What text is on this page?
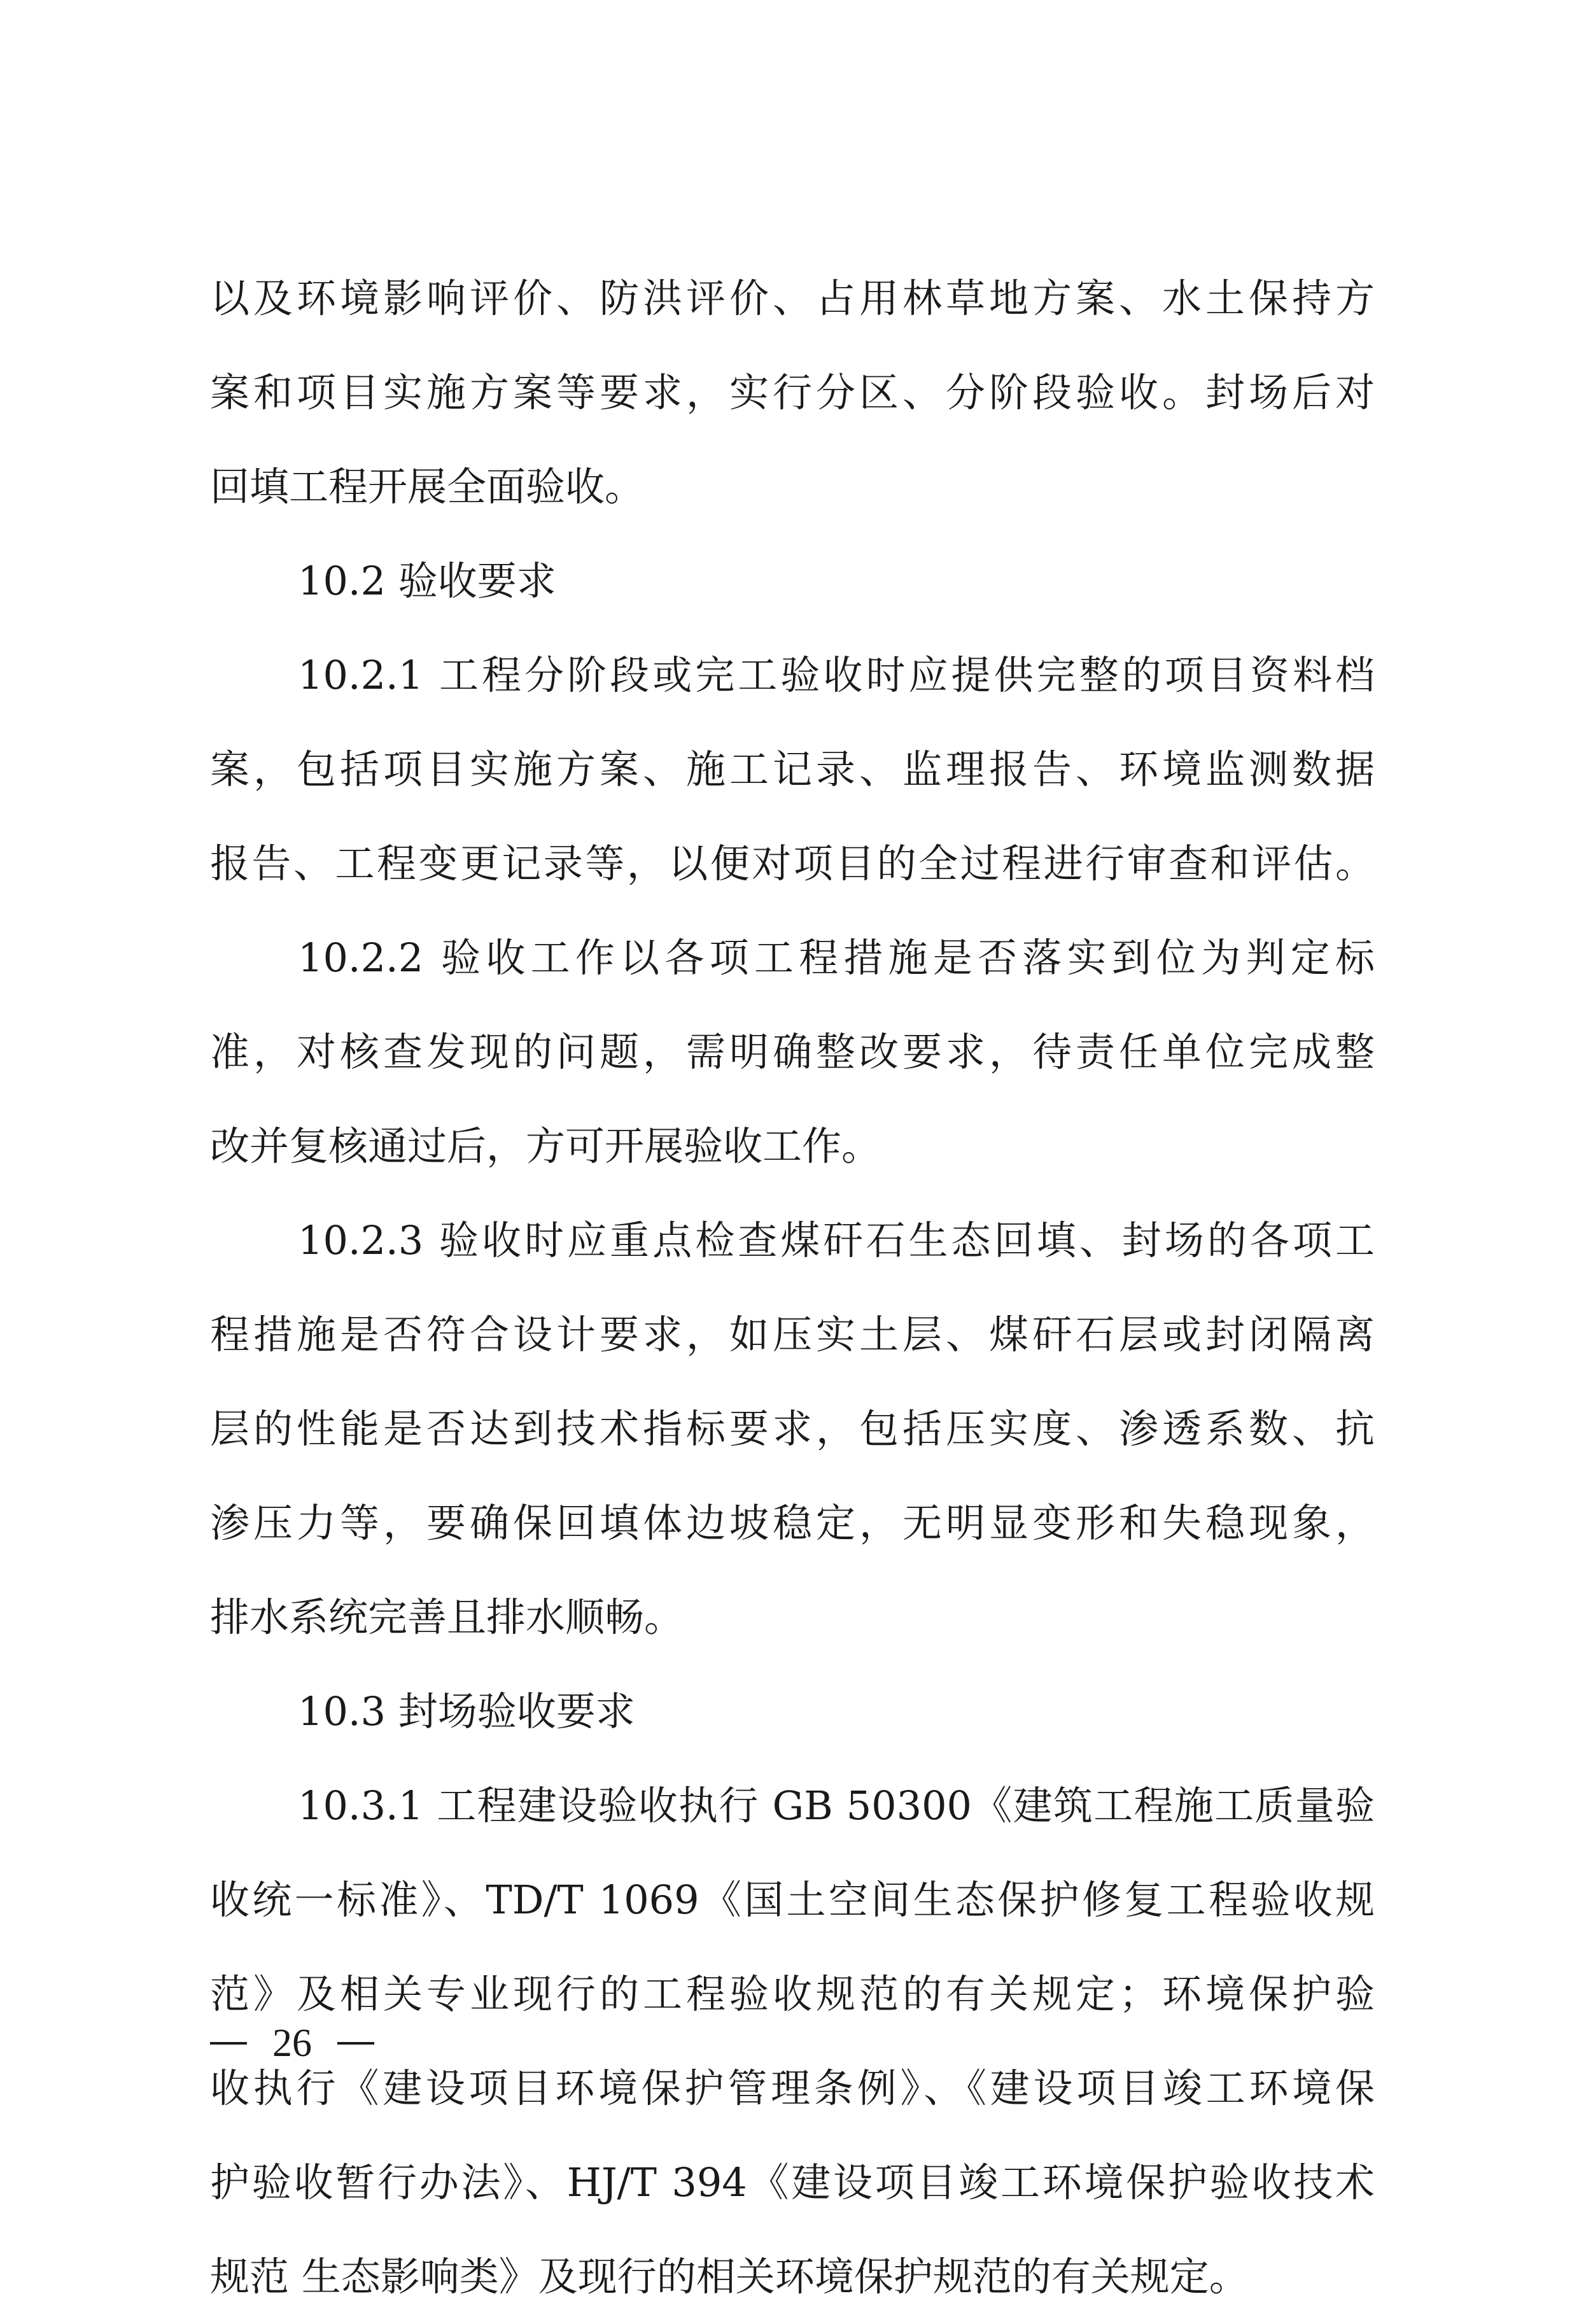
以及环境影响评价、防洪评价、占用林草地方案、水土保持方
案和项目实施方案等要求，实行分区、分阶段验收。封场后对
回填工程开展全面验收。
10.2 验收要求
10.2.1 工程分阶段或完工验收时应提供完整的项目资料档
案，包括项目实施方案、施工记录、监理报告、环境监测数据
报告、工程变更记录等，以便对项目的全过程进行审查和评估。
10.2.2 验收工作以各项工程措施是否落实到位为判定标
准，对核查发现的问题，需明确整改要求，待责任单位完成整
改并复核通过后，方可开展验收工作。
10.2.3 验收时应重点检查煤矸石生态回填、封场的各项工
程措施是否符合设计要求，如压实土层、煤矸石层或封闭隔离
层的性能是否达到技术指标要求，包括压实度、渗透系数、抗
渗压力等，要确保回填体边坡稳定，无明显变形和失稳现象，
排水系统完善且排水顺畅。
10.3 封场验收要求
10.3.1 工程建设验收执行 GB 50300《建筑工程施工质量验
收统一标准》、TD/T 1069《国土空间生态保护修复工程验收规
范》及相关专业现行的工程验收规范的有关规定；环境保护验
收执行《建设项目环境保护管理条例》、《建设项目竣工环境保
护验收暂行办法》、HJ/T 394《建设项目竣工环境保护验收技术
规范 生态影响类》及现行的相关环境保护规范的有关规定。
26
